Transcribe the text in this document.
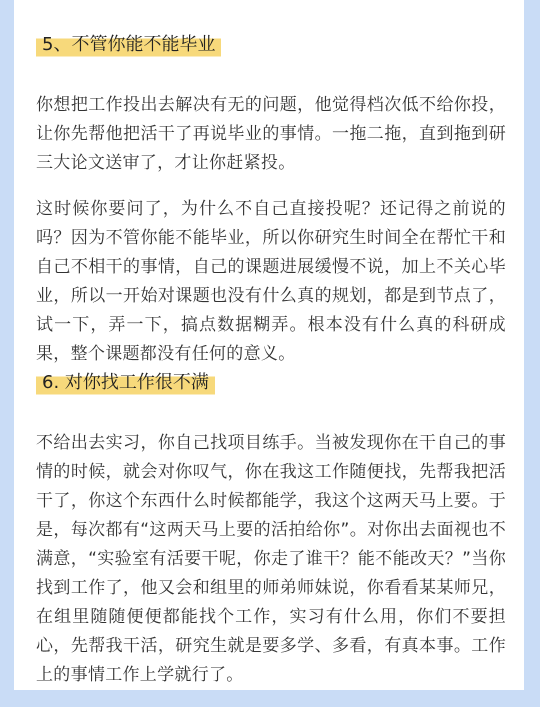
5、不管你能不能毕业

你想把工作投出去解决有无的问题，他觉得档次低不给你投，让你先帮他把活干了再说毕业的事情。一拖二拖，直到拖到研三大论文送审了，才让你赶紧投。

这时候你要问了，为什么不自己直接投呢？还记得之前说的吗？因为不管你能不能毕业，所以你研究生时间全在帮忙干和自己不相干的事情，自己的课题进展缓慢不说，加上不关心毕业，所以一开始对课题也没有什么真的规划，都是到节点了，试一下，弄一下，搞点数据糊弄。根本没有什么真的科研成果，整个课题都没有任何的意义。

6. 对你找工作很不满

不给出去实习，你自己找项目练手。当被发现你在干自己的事情的时候，就会对你叹气，你在我这工作随便找，先帮我把活干了，你这个东西什么时候都能学，我这个这两天马上要。于是，每次都有“这两天马上要的活拍给你”。对你出去面视也不满意，“实验室有活要干呢，你走了谁干？能不能改天？”当你找到工作了，他又会和组里的师弟师妹说，你看看某某师兄，在组里随随便便都能找个工作，实习有什么用，你们不要担心，先帮我干活，研究生就是要多学、多看，有真本事。工作上的事情工作上学就行了。
